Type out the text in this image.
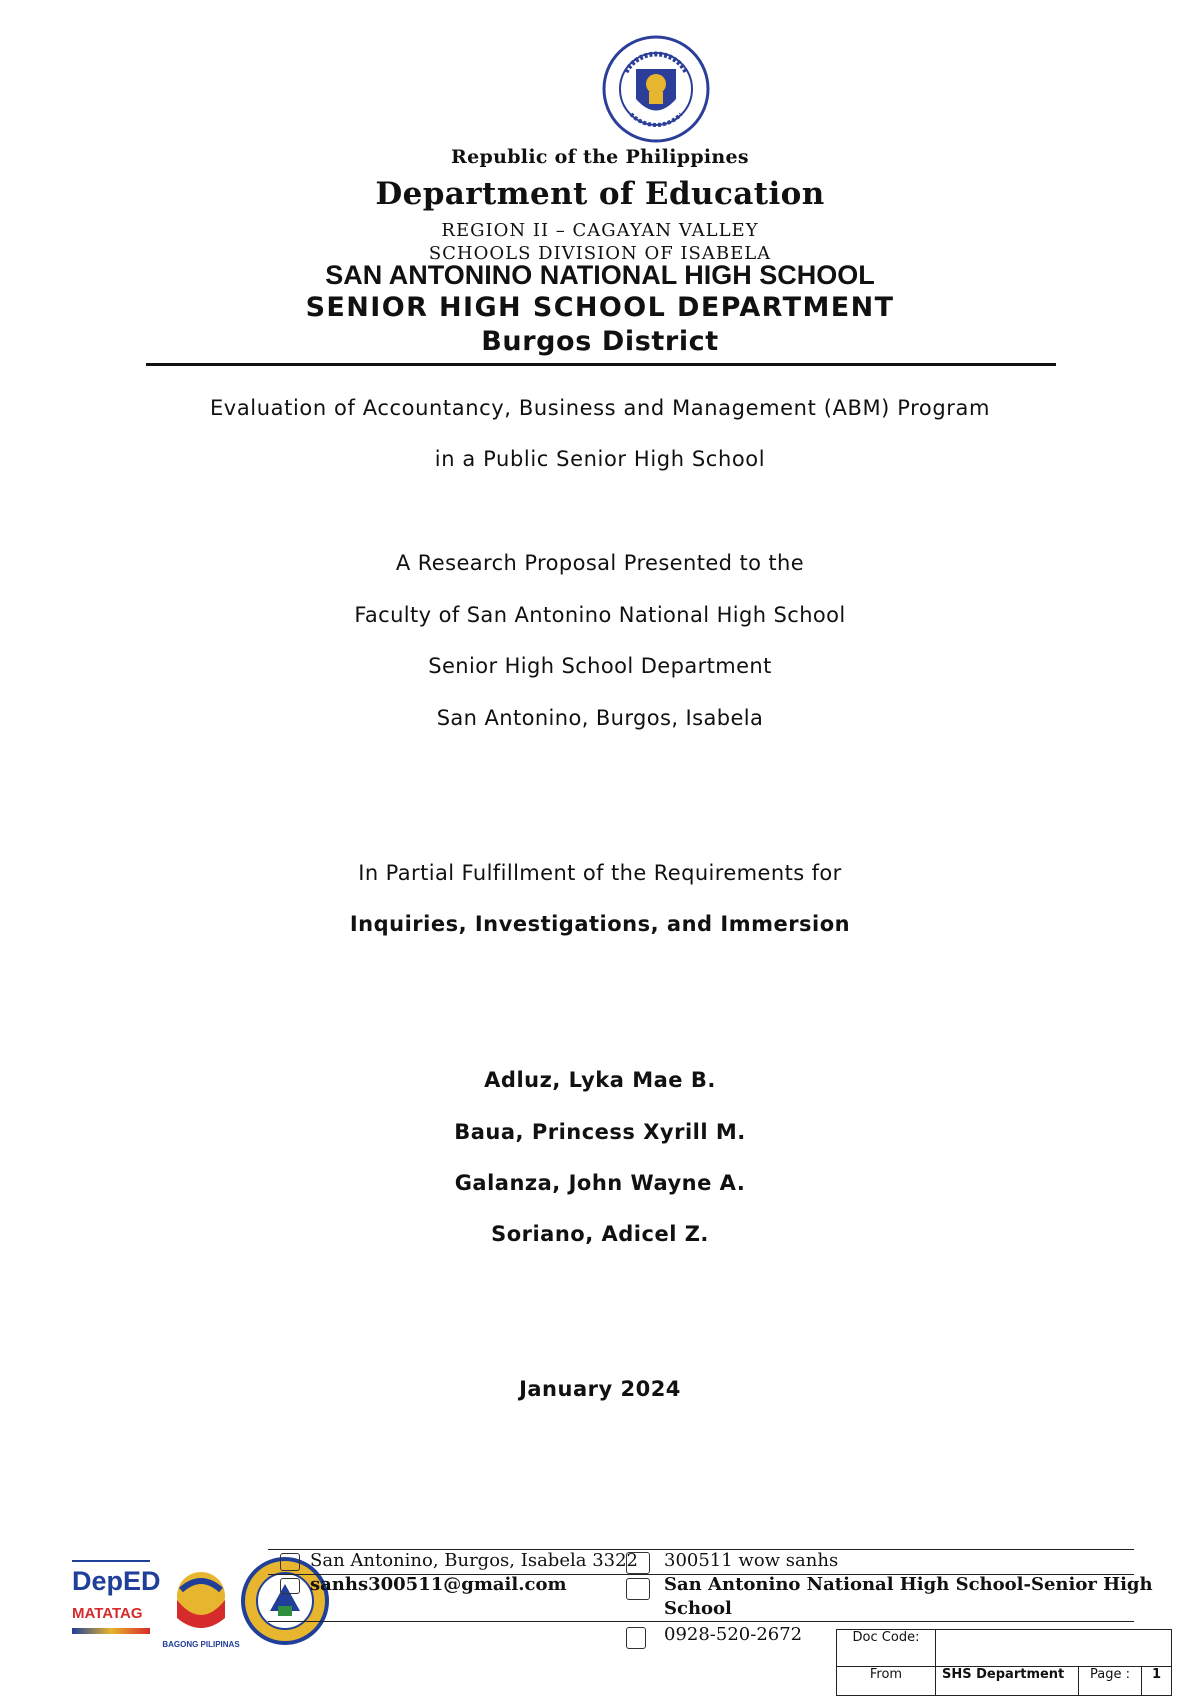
Republic of the Philippines
Department of Education
REGION II – CAGAYAN VALLEY
SCHOOLS DIVISION OF ISABELA
SAN ANTONINO NATIONAL HIGH SCHOOL
SENIOR HIGH SCHOOL DEPARTMENT
Burgos District
Evaluation of Accountancy, Business and Management (ABM) Program
in a Public Senior High School
A Research Proposal Presented to the
Faculty of San Antonino National High School
Senior High School Department
San Antonino, Burgos, Isabela
In Partial Fulfillment of the Requirements for
Inquiries, Investigations, and Immersion
Adluz, Lyka Mae B.
Baua, Princess Xyrill M.
Galanza, John Wayne A.
Soriano, Adicel Z.
January 2024
DepED
MATATAG
BAGONG PILIPINAS
San Antonino, Burgos, Isabela 3322
sanhs300511@gmail.com
300511 wow sanhs
San Antonino National High School-Senior High
School
0928-520-2672	Doc Code:			
From	SHS Department	Page :	1
